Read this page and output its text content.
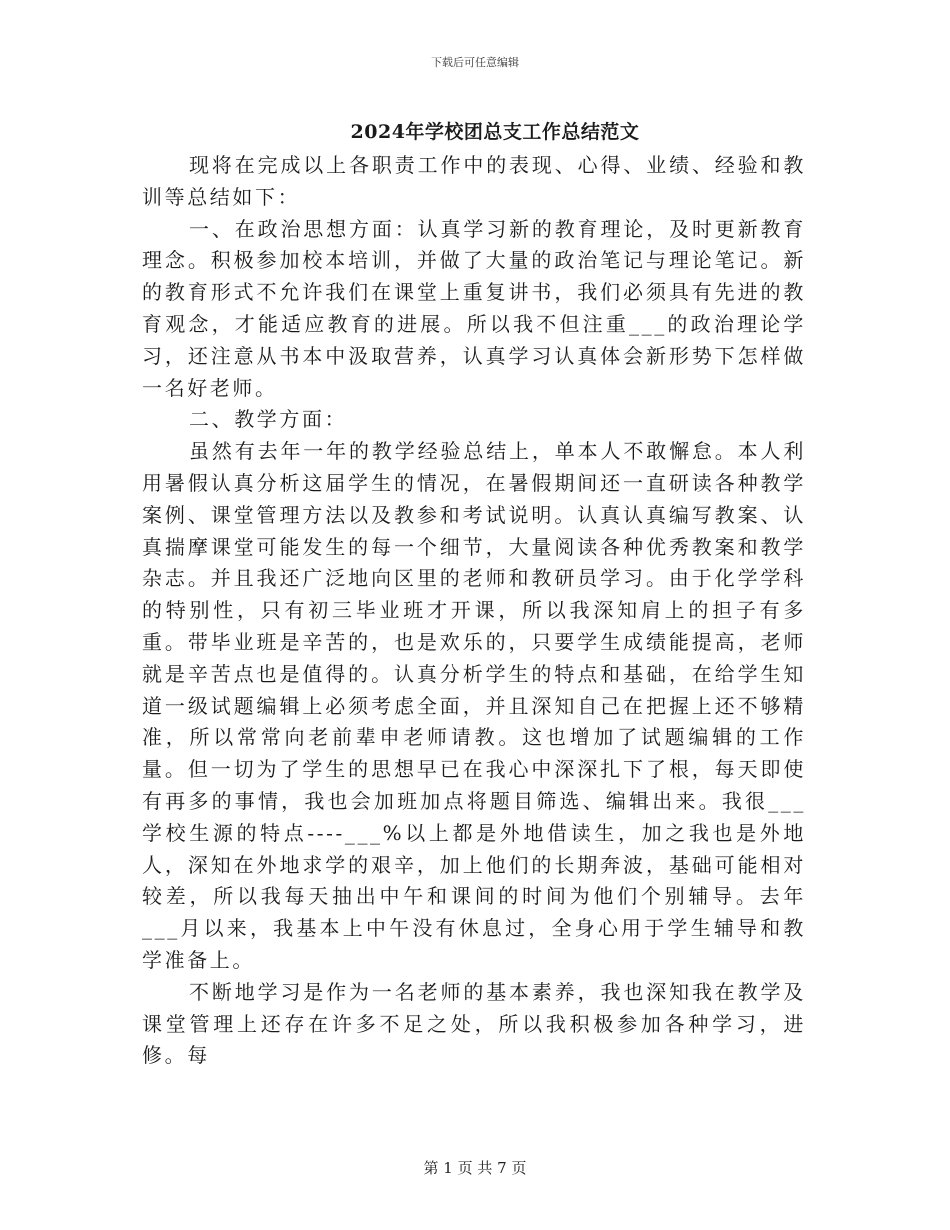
下载后可任意编辑
2024年学校团总支工作总结范文

现将在完成以上各职责工作中的表现、心得、业绩、经验和教训等总结如下：

一、在政治思想方面：认真学习新的教育理论，及时更新教育理念。积极参加校本培训，并做了大量的政治笔记与理论笔记。新的教育形式不允许我们在课堂上重复讲书，我们必须具有先进的教育观念，才能适应教育的进展。所以我不但注重___的政治理论学习，还注意从书本中汲取营养，认真学习认真体会新形势下怎样做一名好老师。

二、教学方面：

虽然有去年一年的教学经验总结上，单本人不敢懈怠。本人利用暑假认真分析这届学生的情况，在暑假期间还一直研读各种教学案例、课堂管理方法以及教参和考试说明。认真认真编写教案、认真揣摩课堂可能发生的每一个细节，大量阅读各种优秀教案和教学杂志。并且我还广泛地向区里的老师和教研员学习。由于化学学科的特别性，只有初三毕业班才开课，所以我深知肩上的担子有多重。带毕业班是辛苦的，也是欢乐的，只要学生成绩能提高，老师就是辛苦点也是值得的。认真分析学生的特点和基础，在给学生知道一级试题编辑上必须考虑全面，并且深知自己在把握上还不够精准，所以常常向老前辈申老师请教。这也增加了试题编辑的工作量。但一切为了学生的思想早已在我心中深深扎下了根，每天即使有再多的事情，我也会加班加点将题目筛选、编辑出来。我很___学校生源的特点----___%以上都是外地借读生，加之我也是外地人，深知在外地求学的艰辛，加上他们的长期奔波，基础可能相对较差，所以我每天抽出中午和课间的时间为他们个别辅导。去年___月以来，我基本上中午没有休息过，全身心用于学生辅导和教学准备上。

不断地学习是作为一名老师的基本素养，我也深知我在教学及课堂管理上还存在许多不足之处，所以我积极参加各种学习，进修。每

第 1 页 共 7 页
